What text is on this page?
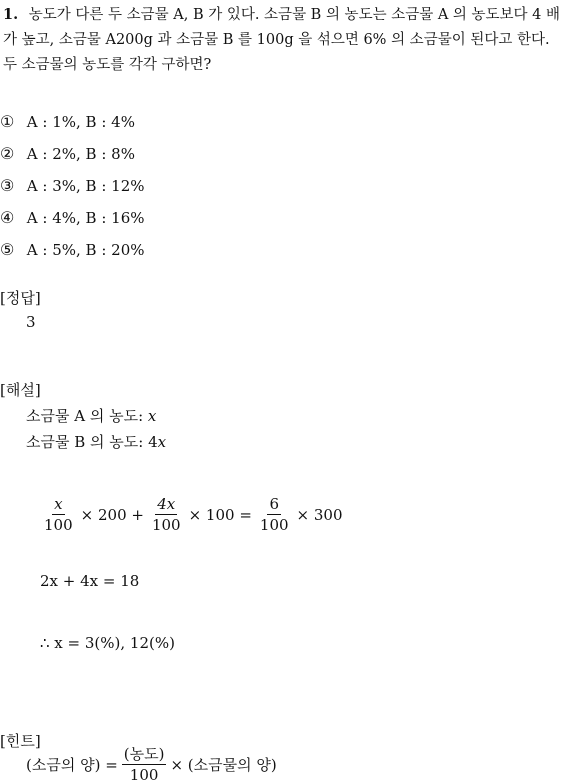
1. 농도가 다른 두 소금물 A, B 가 있다. 소금물 B 의 농도는 소금물 A 의 농도보다 4 배가 높고, 소금물 A200g 과 소금물 B 를 100g 을 섞으면 6% 의 소금물이 된다고 한다. 두 소금물의 농도를 각각 구하면?
① A : 1%, B : 4%
② A : 2%, B : 8%
③ A : 3%, B : 12%
④ A : 4%, B : 16%
⑤ A : 5%, B : 20%
[정답]
3
[해설]
소금물 A 의 농도: x
소금물 B 의 농도: 4x
$\frac{x}{100} \times 200 + \frac{4x}{100} \times 100 = \frac{6}{100} \times 300$
2x + 4x = 18
∴ x = 3(%), 12(%)
[힌트]
(소금의 양) = $\frac{\text{(농도)}}{100}$ × (소금물의 양)
